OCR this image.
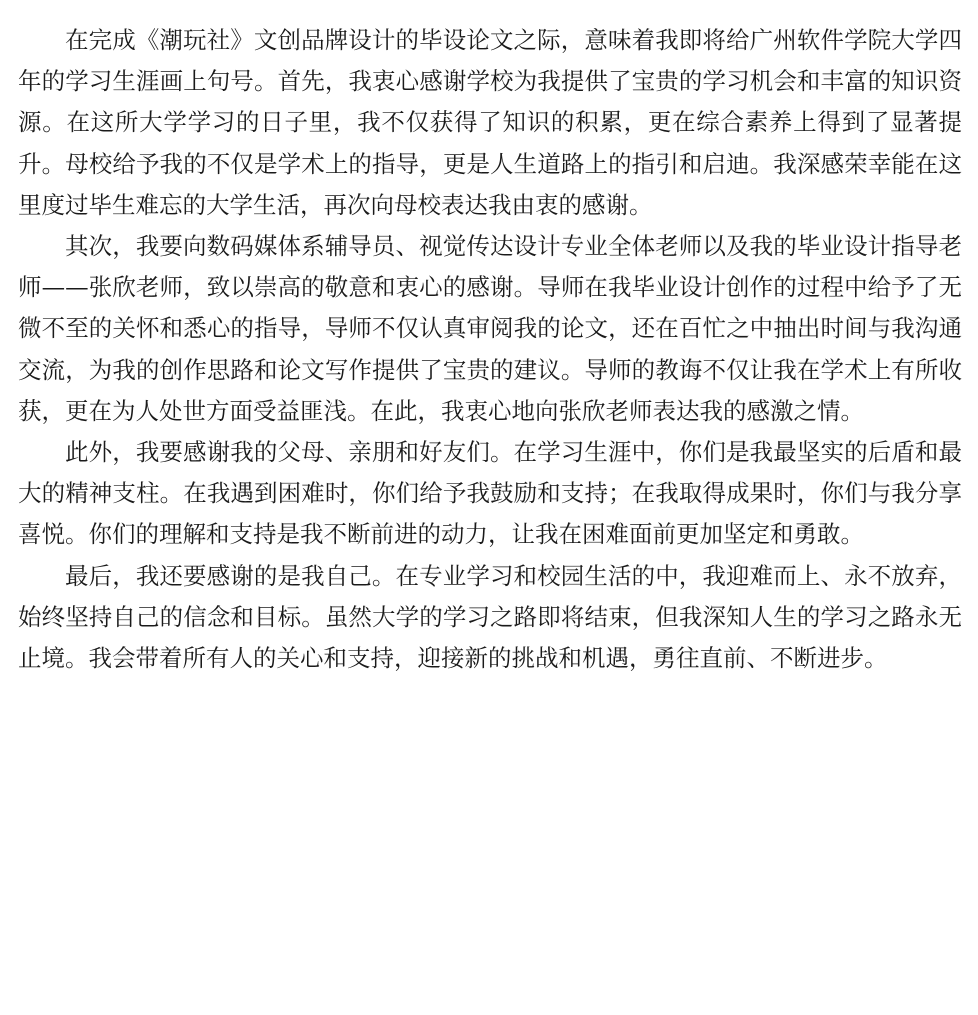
在完成《潮玩社》文创品牌设计的毕设论文之际，意味着我即将给广州软件学院大学四年的学习生涯画上句号。首先，我衷心感谢学校为我提供了宝贵的学习机会和丰富的知识资源。在这所大学学习的日子里，我不仅获得了知识的积累，更在综合素养上得到了显著提升。母校给予我的不仅是学术上的指导，更是人生道路上的指引和启迪。我深感荣幸能在这里度过毕生难忘的大学生活，再次向母校表达我由衷的感谢。

其次，我要向数码媒体系辅导员、视觉传达设计专业全体老师以及我的毕业设计指导老师——张欣老师，致以崇高的敬意和衷心的感谢。导师在我毕业设计创作的过程中给予了无微不至的关怀和悉心的指导，导师不仅认真审阅我的论文，还在百忙之中抽出时间与我沟通交流，为我的创作思路和论文写作提供了宝贵的建议。导师的教诲不仅让我在学术上有所收获，更在为人处世方面受益匪浅。在此，我衷心地向张欣老师表达我的感激之情。

此外，我要感谢我的父母、亲朋和好友们。在学习生涯中，你们是我最坚实的后盾和最大的精神支柱。在我遇到困难时，你们给予我鼓励和支持；在我取得成果时，你们与我分享喜悦。你们的理解和支持是我不断前进的动力，让我在困难面前更加坚定和勇敢。

最后，我还要感谢的是我自己。在专业学习和校园生活的中，我迎难而上、永不放弃，始终坚持自己的信念和目标。虽然大学的学习之路即将结束，但我深知人生的学习之路永无止境。我会带着所有人的关心和支持，迎接新的挑战和机遇，勇往直前、不断进步。
